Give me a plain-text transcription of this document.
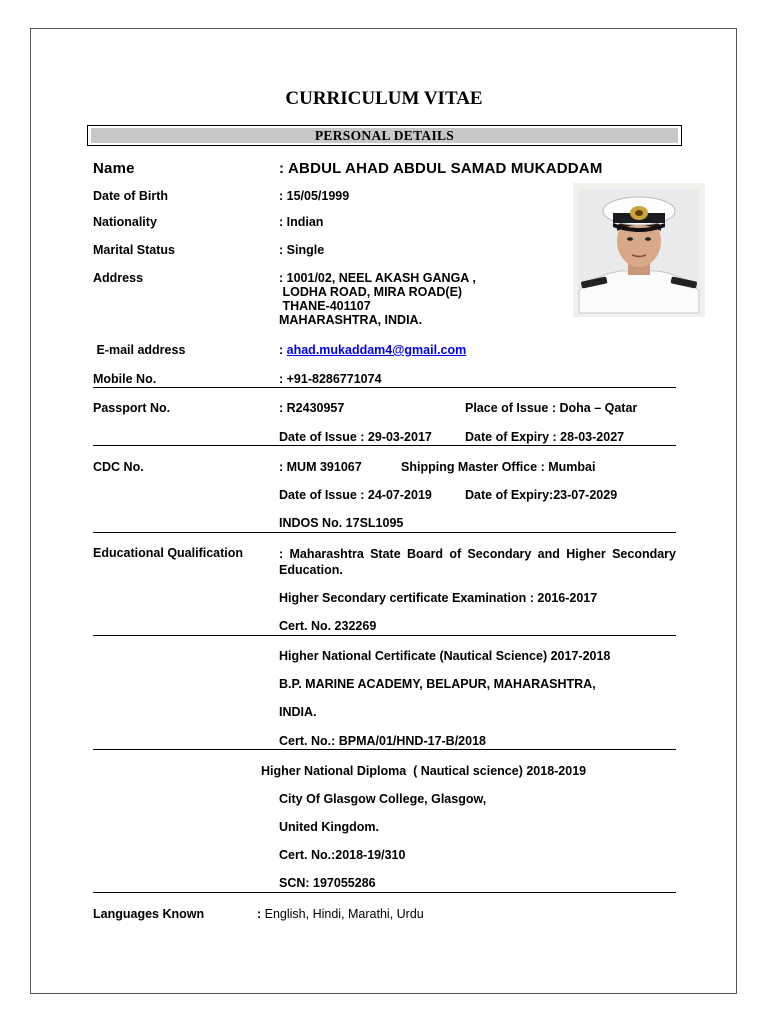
CURRICULUM VITAE
PERSONAL DETAILS
Name	: ABDUL AHAD ABDUL SAMAD MUKADDAM
Date of Birth	: 15/05/1999
Nationality	: Indian
Marital Status	: Single
Address	: 1001/02, NEEL AKASH GANGA ,
LODHA ROAD, MIRA ROAD(E)
THANE-401107
MAHARASHTRA, INDIA.
E-mail address	: ahad.mukaddam4@gmail.com
Mobile No.	: +91-8286771074
Passport No.	: R2430957	Place of Issue : Doha – Qatar
Date of Issue : 29-03-2017	Date of Expiry : 28-03-2027
CDC No.	: MUM 391067	Shipping Master Office : Mumbai
Date of Issue : 24-07-2019	Date of Expiry:23-07-2029
INDOS No. 17SL1095
Educational Qualification	: Maharashtra State Board of Secondary and Higher Secondary Education.
Higher Secondary certificate Examination : 2016-2017
Cert. No. 232269
Higher National Certificate (Nautical Science) 2017-2018
B.P. MARINE ACADEMY, BELAPUR, MAHARASHTRA,
INDIA.
Cert. No.: BPMA/01/HND-17-B/2018
Higher National Diploma  ( Nautical science) 2018-2019
City Of Glasgow College, Glasgow,
United Kingdom.
Cert. No.:2018-19/310
SCN: 197055286
Languages Known	: English, Hindi, Marathi, Urdu
